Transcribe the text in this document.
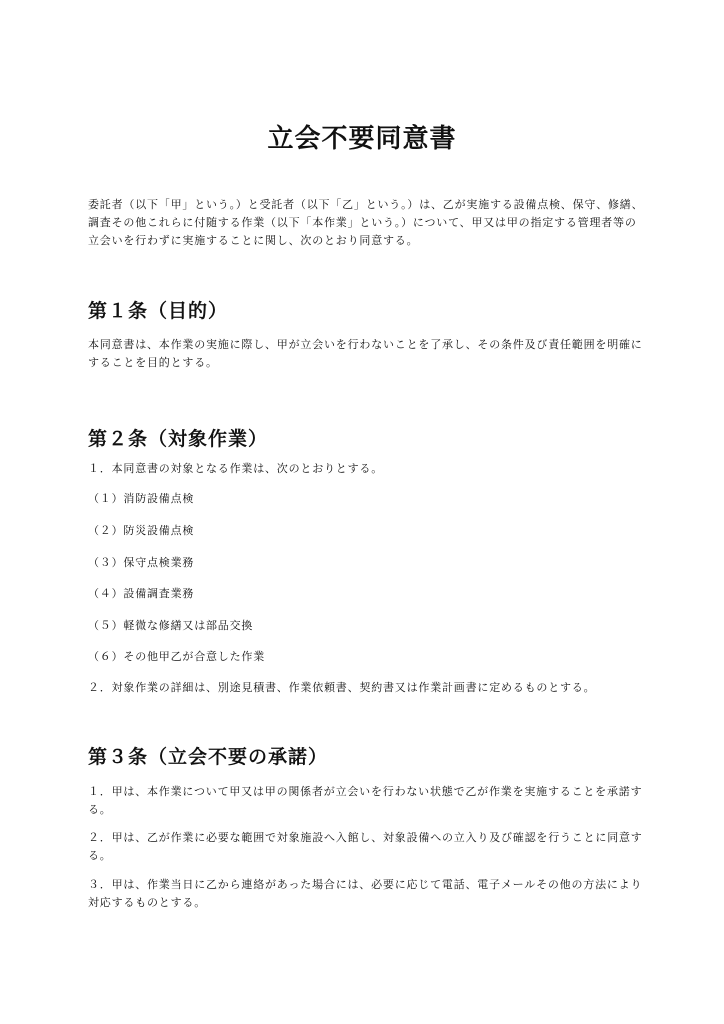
立会不要同意書

委託者（以下「甲」という。）と受託者（以下「乙」という。）は、乙が実施する設備点検、保守、修繕、調査その他これらに付随する作業（以下「本作業」という。）について、甲又は甲の指定する管理者等の立会いを行わずに実施することに関し、次のとおり同意する。

第１条（目的）

本同意書は、本作業の実施に際し、甲が立会いを行わないことを了承し、その条件及び責任範囲を明確にすることを目的とする。

第２条（対象作業）

１．本同意書の対象となる作業は、次のとおりとする。

（１）消防設備点検

（２）防災設備点検

（３）保守点検業務

（４）設備調査業務

（５）軽微な修繕又は部品交換

（６）その他甲乙が合意した作業

２．対象作業の詳細は、別途見積書、作業依頼書、契約書又は作業計画書に定めるものとする。

第３条（立会不要の承諾）

１．甲は、本作業について甲又は甲の関係者が立会いを行わない状態で乙が作業を実施することを承諾する。

２．甲は、乙が作業に必要な範囲で対象施設へ入館し、対象設備への立入り及び確認を行うことに同意する。

３．甲は、作業当日に乙から連絡があった場合には、必要に応じて電話、電子メールその他の方法により対応するものとする。
